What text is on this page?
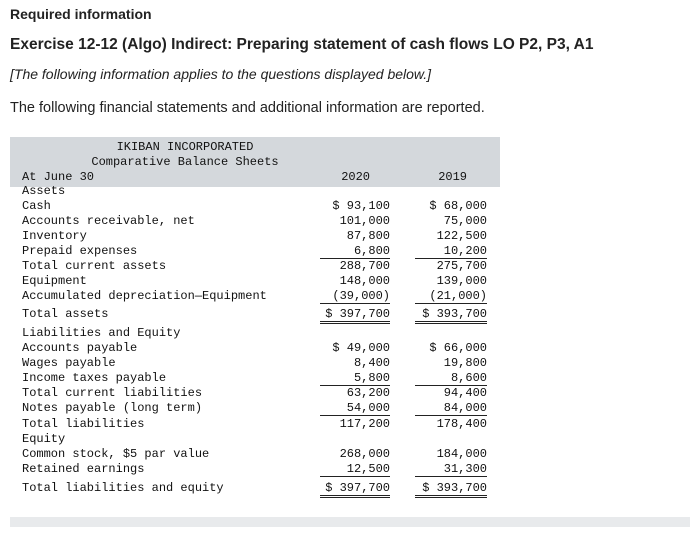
Required information
Exercise 12-12 (Algo) Indirect: Preparing statement of cash flows LO P2, P3, A1
[The following information applies to the questions displayed below.]
The following financial statements and additional information are reported.
IKIBAN INCORPORATED
Comparative Balance Sheets
At June 30	2020	2019
Assets
Cash	$ 93,100	$ 68,000
Accounts receivable, net	101,000	75,000
Inventory	87,800	122,500
Prepaid expenses	6,800	10,200
Total current assets	288,700	275,700
Equipment	148,000	139,000
Accumulated depreciation—Equipment	(39,000)	(21,000)
Total assets	$ 397,700	$ 393,700
Liabilities and Equity
Accounts payable	$ 49,000	$ 66,000
Wages payable	8,400	19,800
Income taxes payable	5,800	8,600
Total current liabilities	63,200	94,400
Notes payable (long term)	54,000	84,000
Total liabilities	117,200	178,400
Equity
Common stock, $5 par value	268,000	184,000
Retained earnings	12,500	31,300
Total liabilities and equity	$ 397,700	$ 393,700
